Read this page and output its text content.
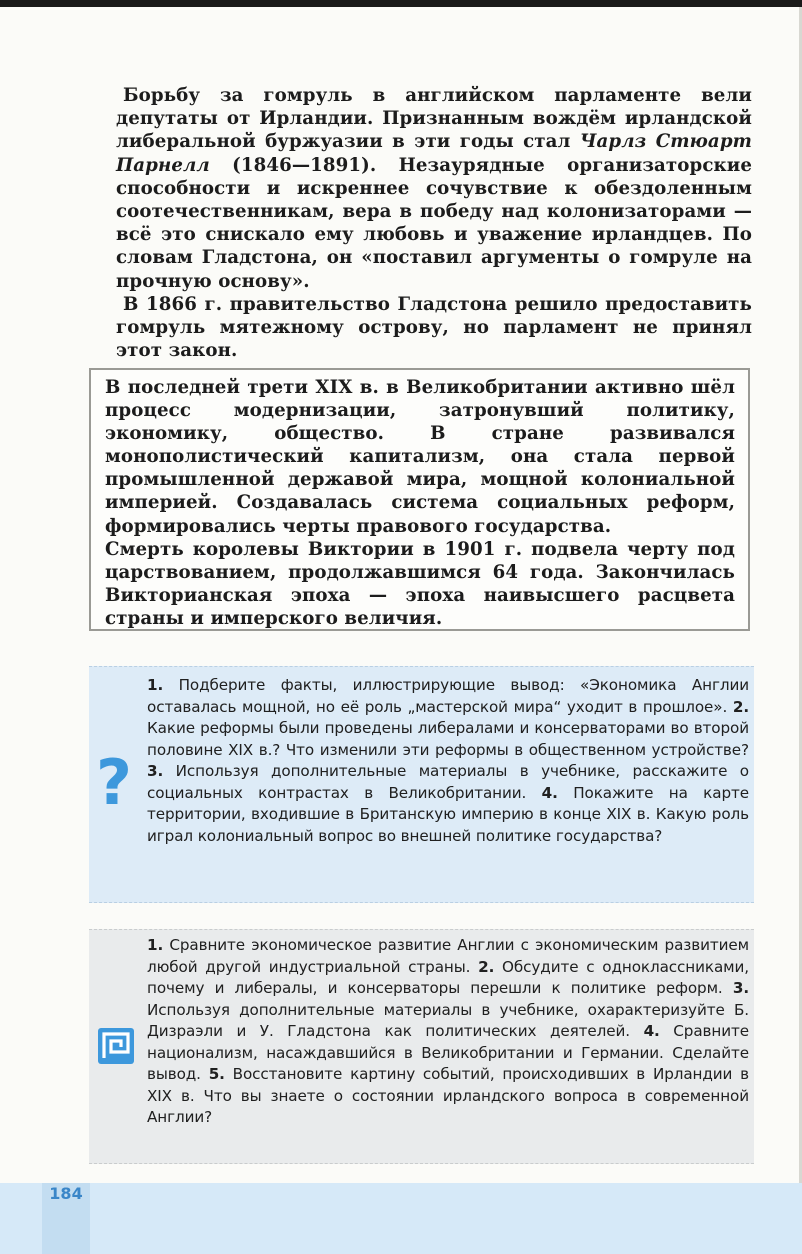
Борьбу за гомруль в английском парламенте вели депутаты от Ирландии. Признанным вождём ирландской либеральной буржуазии в эти годы стал Чарлз Стюарт Парнелл (1846—1891). Незаурядные организаторские способности и искреннее сочувствие к обездоленным соотечественникам, вера в победу над колонизаторами — всё это снискало ему любовь и уважение ирландцев. По словам Гладстона, он «поставил аргументы о гомруле на прочную основу».

В 1866 г. правительство Гладстона решило предоставить гомруль мятежному острову, но парламент не принял этот закон.

В последней трети XIX в. в Великобритании активно шёл процесс модернизации, затронувший политику, экономику, общество. В стране развивался монополистический капитализм, она стала первой промышленной державой мира, мощной колониальной империей. Создавалась система социальных реформ, формировались черты правового государства.

Смерть королевы Виктории в 1901 г. подвела черту под царствованием, продолжавшимся 64 года. Закончилась Викторианская эпоха — эпоха наивысшего расцвета страны и имперского величия.

?
1. Подберите факты, иллюстрирующие вывод: «Экономика Англии оставалась мощной, но её роль „мастерской мира“ уходит в прошлое». 2. Какие реформы были проведены либералами и консерваторами во второй половине XIX в.? Что изменили эти реформы в общественном устройстве? 3. Используя дополнительные материалы в учебнике, расскажите о социальных контрастах в Великобритании. 4. Покажите на карте территории, входившие в Британскую империю в конце XIX в. Какую роль играл колониальный вопрос во внешней политике государства?
1. Сравните экономическое развитие Англии с экономическим развитием любой другой индустриальной страны. 2. Обсудите с одноклассниками, почему и либералы, и консерваторы перешли к политике реформ. 3. Используя дополнительные материалы в учебнике, охарактеризуйте Б. Дизраэли и У. Гладстона как политических деятелей. 4. Сравните национализм, насаждавшийся в Великобритании и Германии. Сделайте вывод. 5. Восстановите картину событий, происходивших в Ирландии в XIX в. Что вы знаете о состоянии ирландского вопроса в современной Англии?
184
